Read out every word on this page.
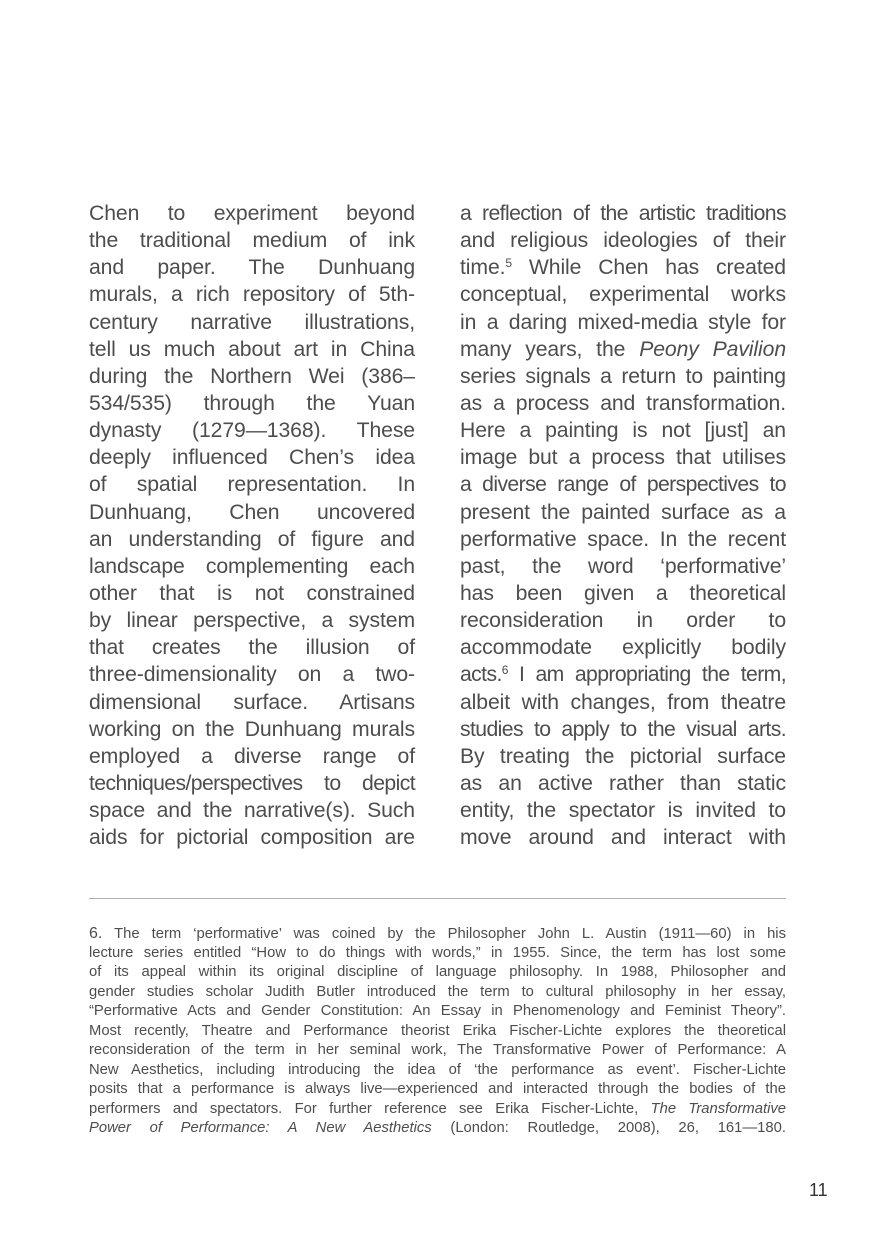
Chen to experiment beyond
the traditional medium of ink
and paper. The Dunhuang
murals, a rich repository of 5th-
century narrative illustrations,
tell us much about art in China
during the Northern Wei (386–
534/535) through the Yuan
dynasty (1279—1368). These
deeply influenced Chen’s idea
of spatial representation. In
Dunhuang, Chen uncovered
an understanding of figure and
landscape complementing each
other that is not constrained
by linear perspective, a system
that creates the illusion of
three-dimensionality on a two-
dimensional surface. Artisans
working on the Dunhuang murals
employed a diverse range of
techniques/perspectives to depict
space and the narrative(s). Such
aids for pictorial composition are
a reflection of the artistic traditions
and religious ideologies of their
time.$^5$ While Chen has created
conceptual, experimental works
in a daring mixed-media style for
many years, the Peony Pavilion
series signals a return to painting
as a process and transformation.
Here a painting is not [just] an
image but a process that utilises
a diverse range of perspectives to
present the painted surface as a
performative space. In the recent
past, the word ‘performative’
has been given a theoretical
reconsideration in order to
accommodate explicitly bodily
acts.$^6$ I am appropriating the term,
albeit with changes, from theatre
studies to apply to the visual arts.
By treating the pictorial surface
as an active rather than static
entity, the spectator is invited to
move around and interact with
6. The term ‘performative’ was coined by the Philosopher John L. Austin (1911—60) in his
lecture series entitled “How to do things with words,” in 1955. Since, the term has lost some
of its appeal within its original discipline of language philosophy. In 1988, Philosopher and
gender studies scholar Judith Butler introduced the term to cultural philosophy in her essay,
“Performative Acts and Gender Constitution: An Essay in Phenomenology and Feminist Theory”.
Most recently, Theatre and Performance theorist Erika Fischer-Lichte explores the theoretical
reconsideration of the term in her seminal work, The Transformative Power of Performance: A
New Aesthetics, including introducing the idea of ‘the performance as event’. Fischer-Lichte
posits that a performance is always live—experienced and interacted through the bodies of the
performers and spectators. For further reference see Erika Fischer-Lichte, The Transformative
Power of Performance: A New Aesthetics (London: Routledge, 2008), 26, 161—180.
11
